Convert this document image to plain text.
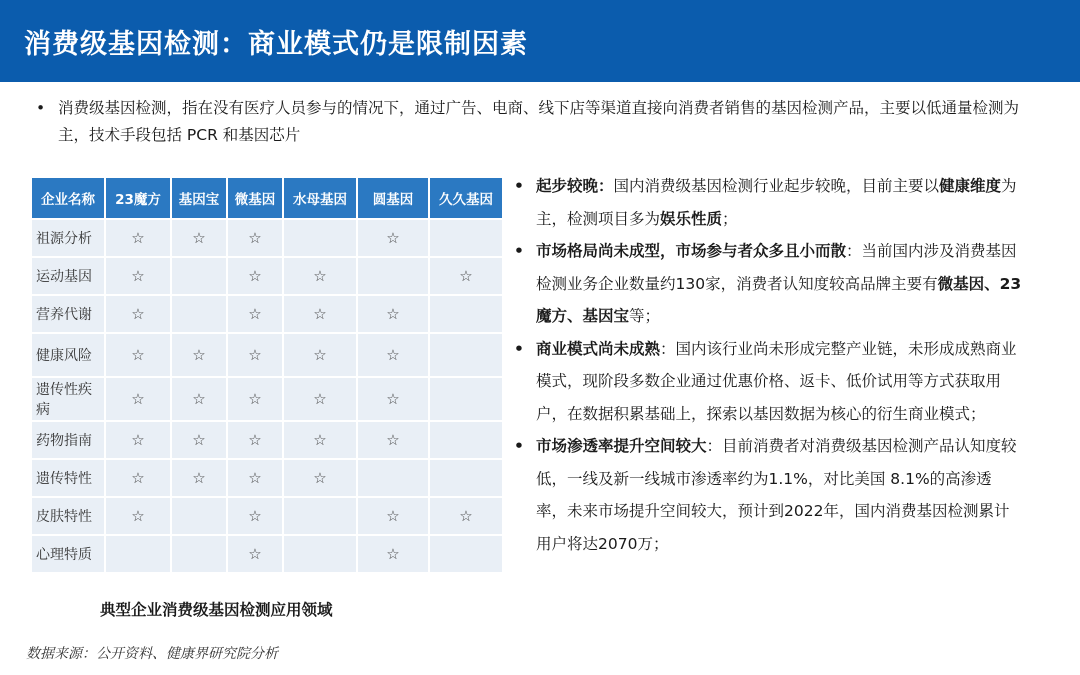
消费级基因检测：商业模式仍是限制因素
• 消费级基因检测，指在没有医疗人员参与的情况下，通过广告、电商、线下店等渠道直接向消费者销售的基因检测产品，主要以低通量检测为主，技术手段包括 PCR 和基因芯片

企业名称	23魔方	基因宝	微基因	水母基因	圆基因	久久基因
祖源分析	☆	☆	☆		☆	
运动基因	☆		☆	☆		☆
营养代谢	☆		☆	☆	☆	
健康风险	☆	☆	☆	☆	☆	
遗传性疾病	☆	☆	☆	☆	☆	
药物指南	☆	☆	☆	☆	☆	
遗传特性	☆	☆	☆	☆		
皮肤特性	☆		☆		☆	☆
心理特质			☆		☆	
典型企业消费级基因检测应用领域
数据来源：公开资料、健康界研究院分析
• 起步较晚：国内消费级基因检测行业起步较晚，目前主要以健康维度为主，检测项目多为娱乐性质；
• 市场格局尚未成型，市场参与者众多且小而散：当前国内涉及消费基因检测业务企业数量约130家，消费者认知度较高品牌主要有微基因、23 魔方、基因宝等；
• 商业模式尚未成熟：国内该行业尚未形成完整产业链，未形成成熟商业模式，现阶段多数企业通过优惠价格、返卡、低价试用等方式获取用户，在数据积累基础上，探索以基因数据为核心的衍生商业模式；
• 市场渗透率提升空间较大：目前消费者对消费级基因检测产品认知度较低，一线及新一线城市渗透率约为1.1%，对比美国 8.1%的高渗透率，未来市场提升空间较大，预计到2022年，国内消费基因检测累计用户将达2070万；
